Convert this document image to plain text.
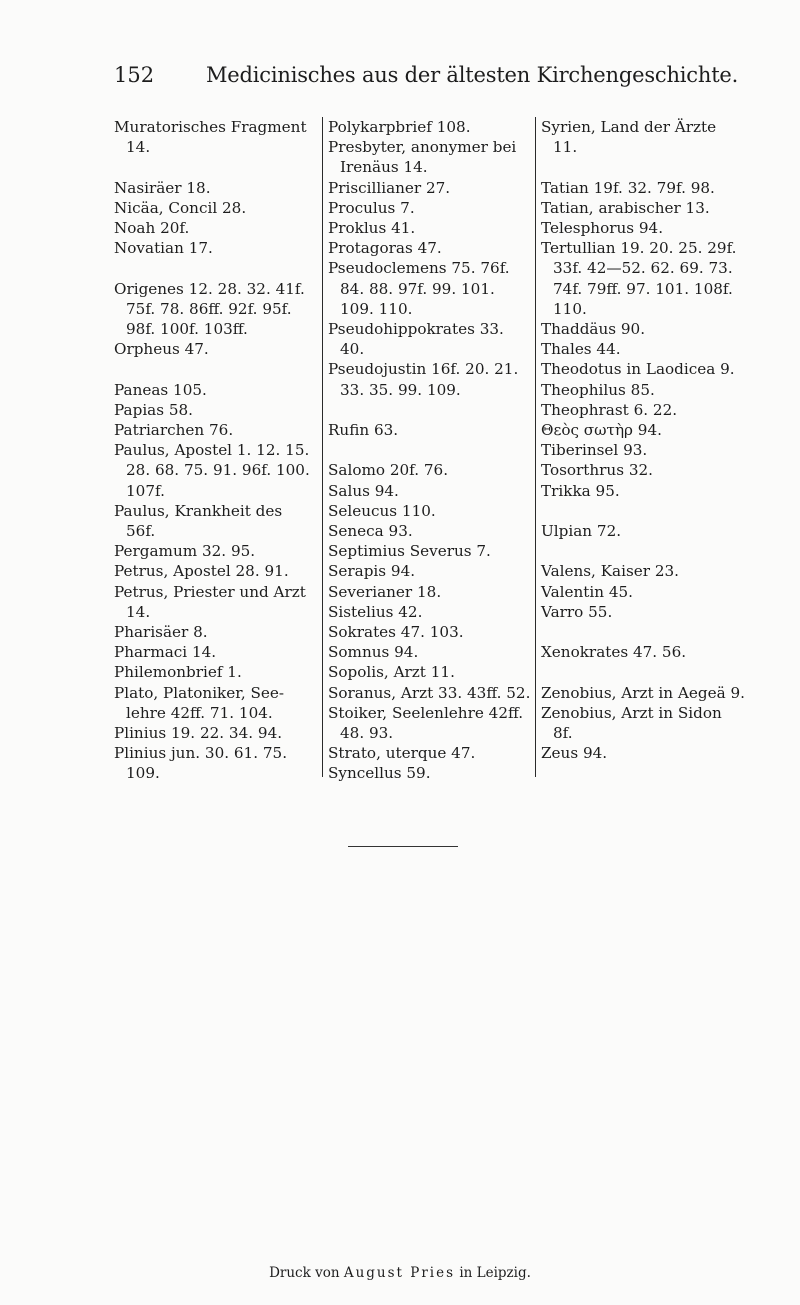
152 Medicinisches aus der ältesten Kirchengeschichte.
Muratorisches Fragment
14.
Nasiräer 18.
Nicäa, Concil 28.
Noah 20f.
Novatian 17.
Origenes 12. 28. 32. 41f.
75f. 78. 86ff. 92f. 95f.
98f. 100f. 103ff.
Orpheus 47.
Paneas 105.
Papias 58.
Patriarchen 76.
Paulus, Apostel 1. 12. 15.
28. 68. 75. 91. 96f. 100.
107f.
Paulus, Krankheit des
56f.
Pergamum 32. 95.
Petrus, Apostel 28. 91.
Petrus, Priester und Arzt
14.
Pharisäer 8.
Pharmaci 14.
Philemonbrief 1.
Plato, Platoniker, See-
lehre 42ff. 71. 104.
Plinius 19. 22. 34. 94.
Plinius jun. 30. 61. 75. 109.
Polykarpbrief 108.
Presbyter, anonymer bei
Irenäus 14.
Priscillianer 27.
Proculus 7.
Proklus 41.
Protagoras 47.
Pseudoclemens 75. 76f.
84. 88. 97f. 99. 101.
109. 110.
Pseudohippokrates 33. 40.
Pseudojustin 16f. 20. 21.
33. 35. 99. 109.
Rufin 63.
Salomo 20f. 76.
Salus 94.
Seleucus 110.
Seneca 93.
Septimius Severus 7.
Serapis 94.
Severianer 18.
Sistelius 42.
Sokrates 47. 103.
Somnus 94.
Sopolis, Arzt 11.
Soranus, Arzt 33. 43ff. 52.
Stoiker, Seelenlehre 42ff.
48. 93.
Strato, uterque 47.
Syncellus 59.
Syrien, Land der Ärzte
11.
Tatian 19f. 32. 79f. 98.
Tatian, arabischer 13.
Telesphorus 94.
Tertullian 19. 20. 25. 29f.
33f. 42—52. 62. 69. 73.
74f. 79ff. 97. 101. 108f.
110.
Thaddäus 90.
Thales 44.
Theodotus in Laodicea 9.
Theophilus 85.
Theophrast 6. 22.
Θεὸς σωτὴρ 94.
Tiberinsel 93.
Tosorthrus 32.
Trikka 95.
Ulpian 72.
Valens, Kaiser 23.
Valentin 45.
Varro 55.
Xenokrates 47. 56.
Zenobius, Arzt in Aegeä 9.
Zenobius, Arzt in Sidon
8f.
Zeus 94.
Druck von August Pries in Leipzig.
